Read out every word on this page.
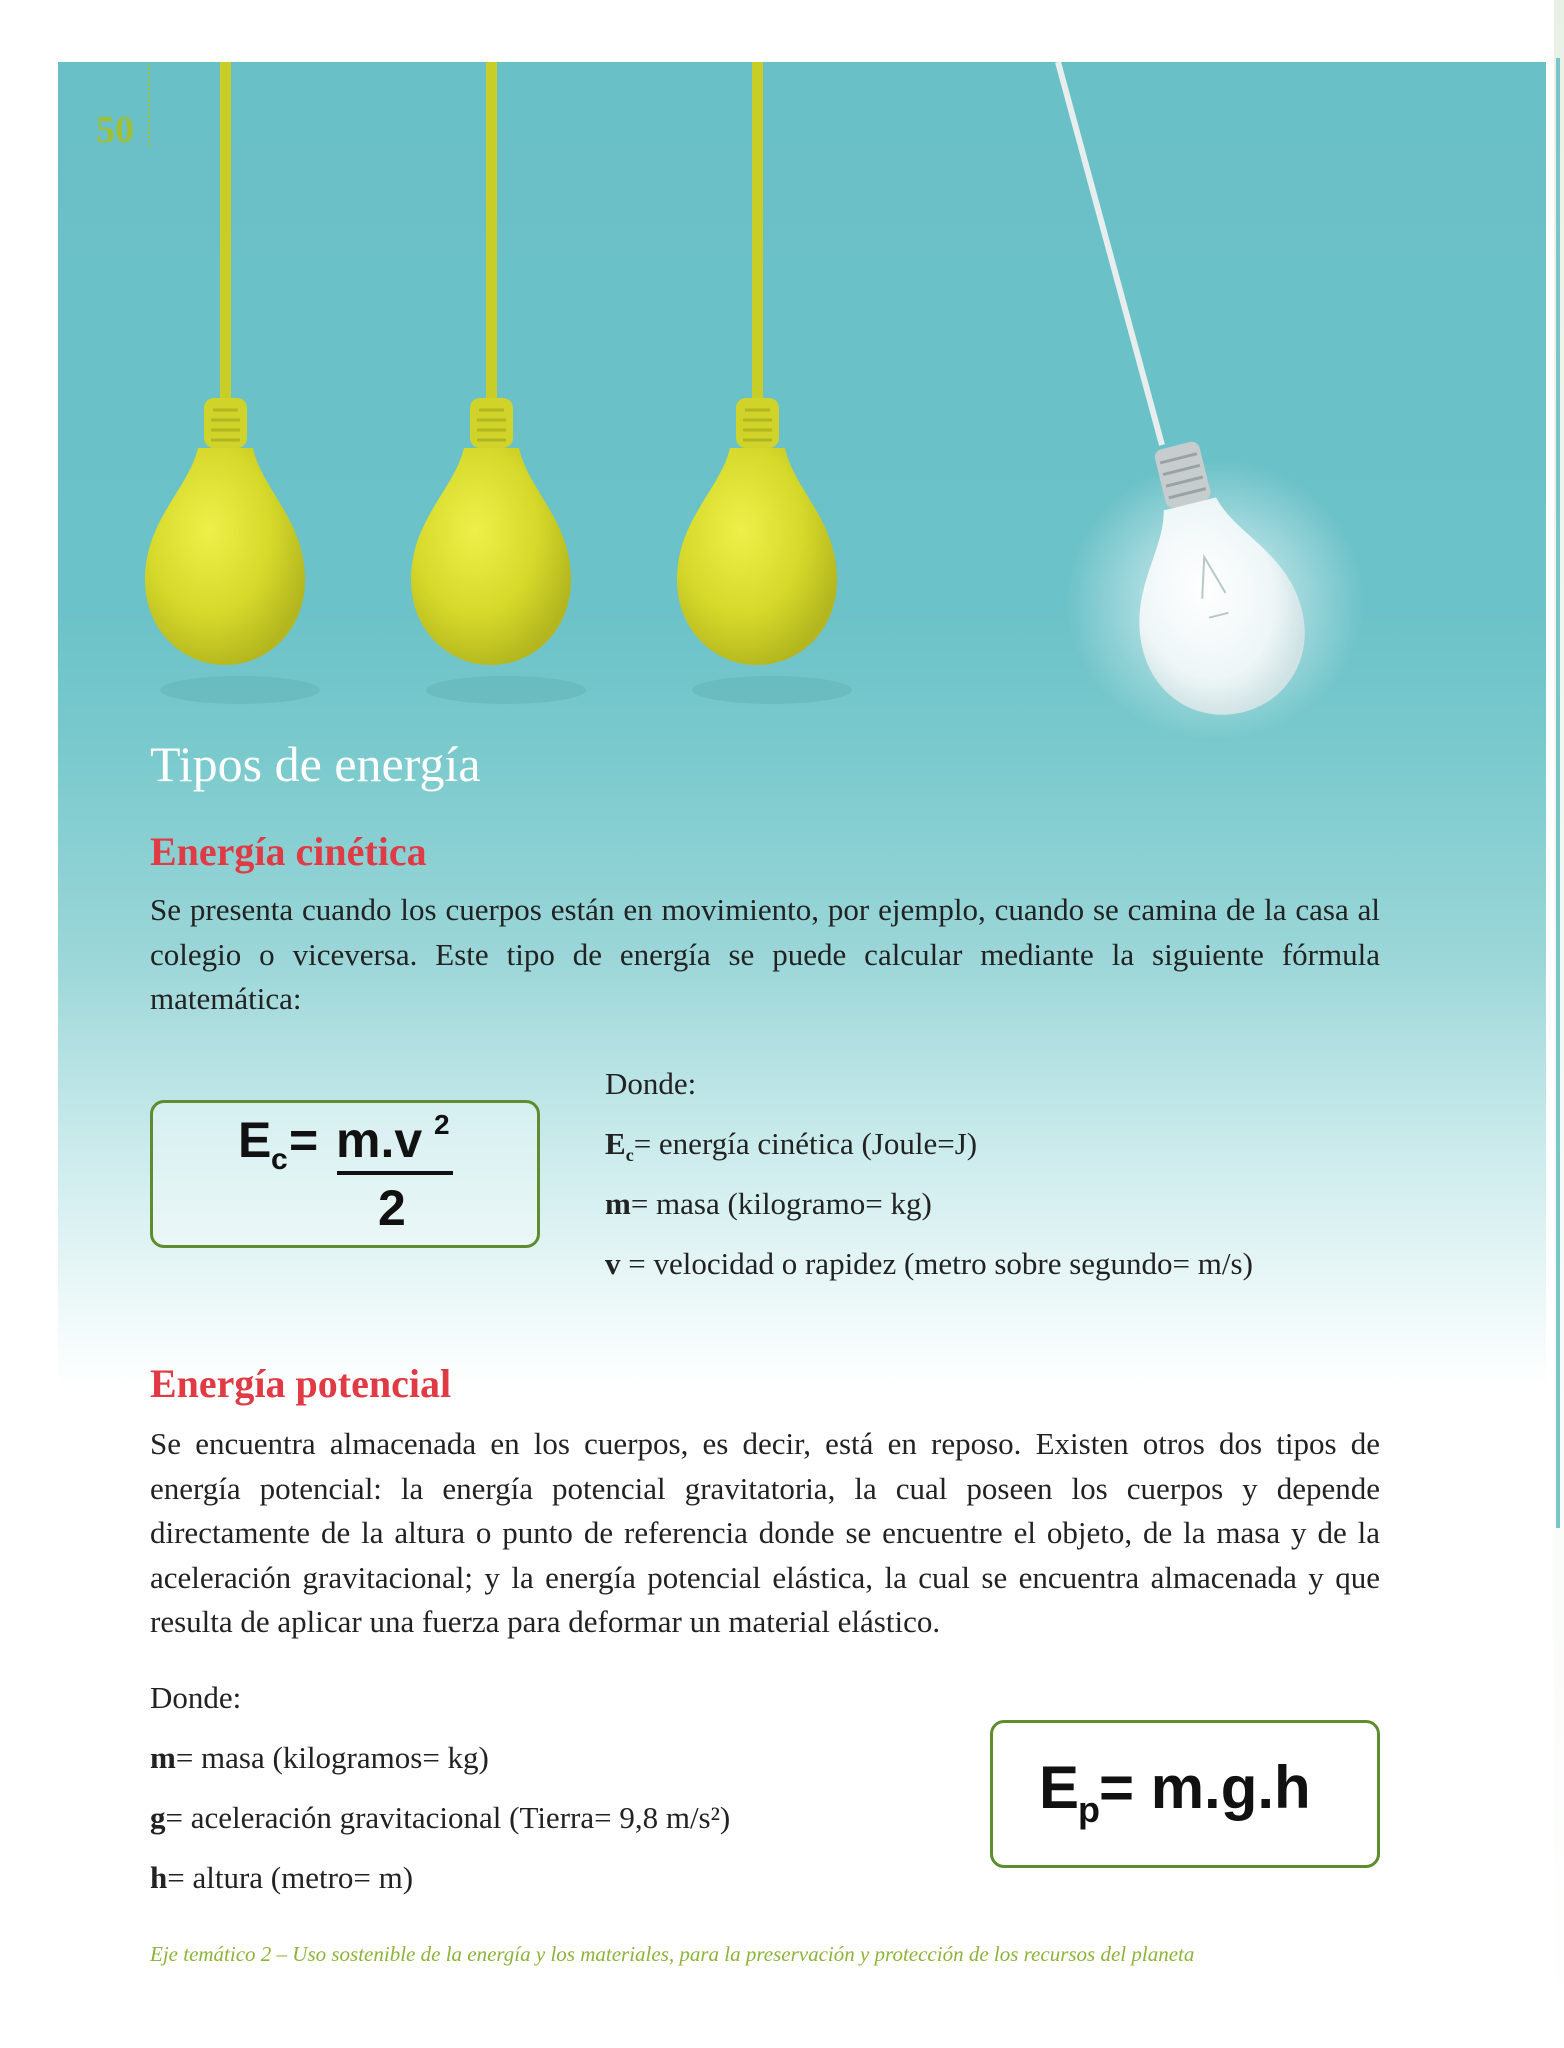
50
Tipos de energía
Energía cinética

Se presenta cuando los cuerpos están en movimiento, por ejemplo, cuando se camina de la casa al colegio o viceversa. Este tipo de energía se puede calcular mediante la siguiente fórmula matemática:

E c = m.v 2
2

Donde:

$E_c=$ energía cinética (Joule=J)

m= masa (kilogramo= kg)

v = velocidad o rapidez (metro sobre segundo= m/s)

Energía potencial

Se encuentra almacenada en los cuerpos, es decir, está en reposo. Existen otros dos tipos de energía potencial: la energía potencial gravitatoria, la cual poseen los cuerpos y depende directamente de la altura o punto de referencia donde se encuentre el objeto, de la masa y de la aceleración gravitacional; y la energía potencial elástica, la cual se encuentra almacenada y que resulta de aplicar una fuerza para deformar un material elástico.

Donde:

m= masa (kilogramos= kg)

g= aceleración gravitacional (Tierra= 9,8 m/s²)

h= altura (metro= m)

E
p = m.g.h

Eje temático 2 – Uso sostenible de la energía y los materiales, para la preservación y protección de los recursos del planeta
